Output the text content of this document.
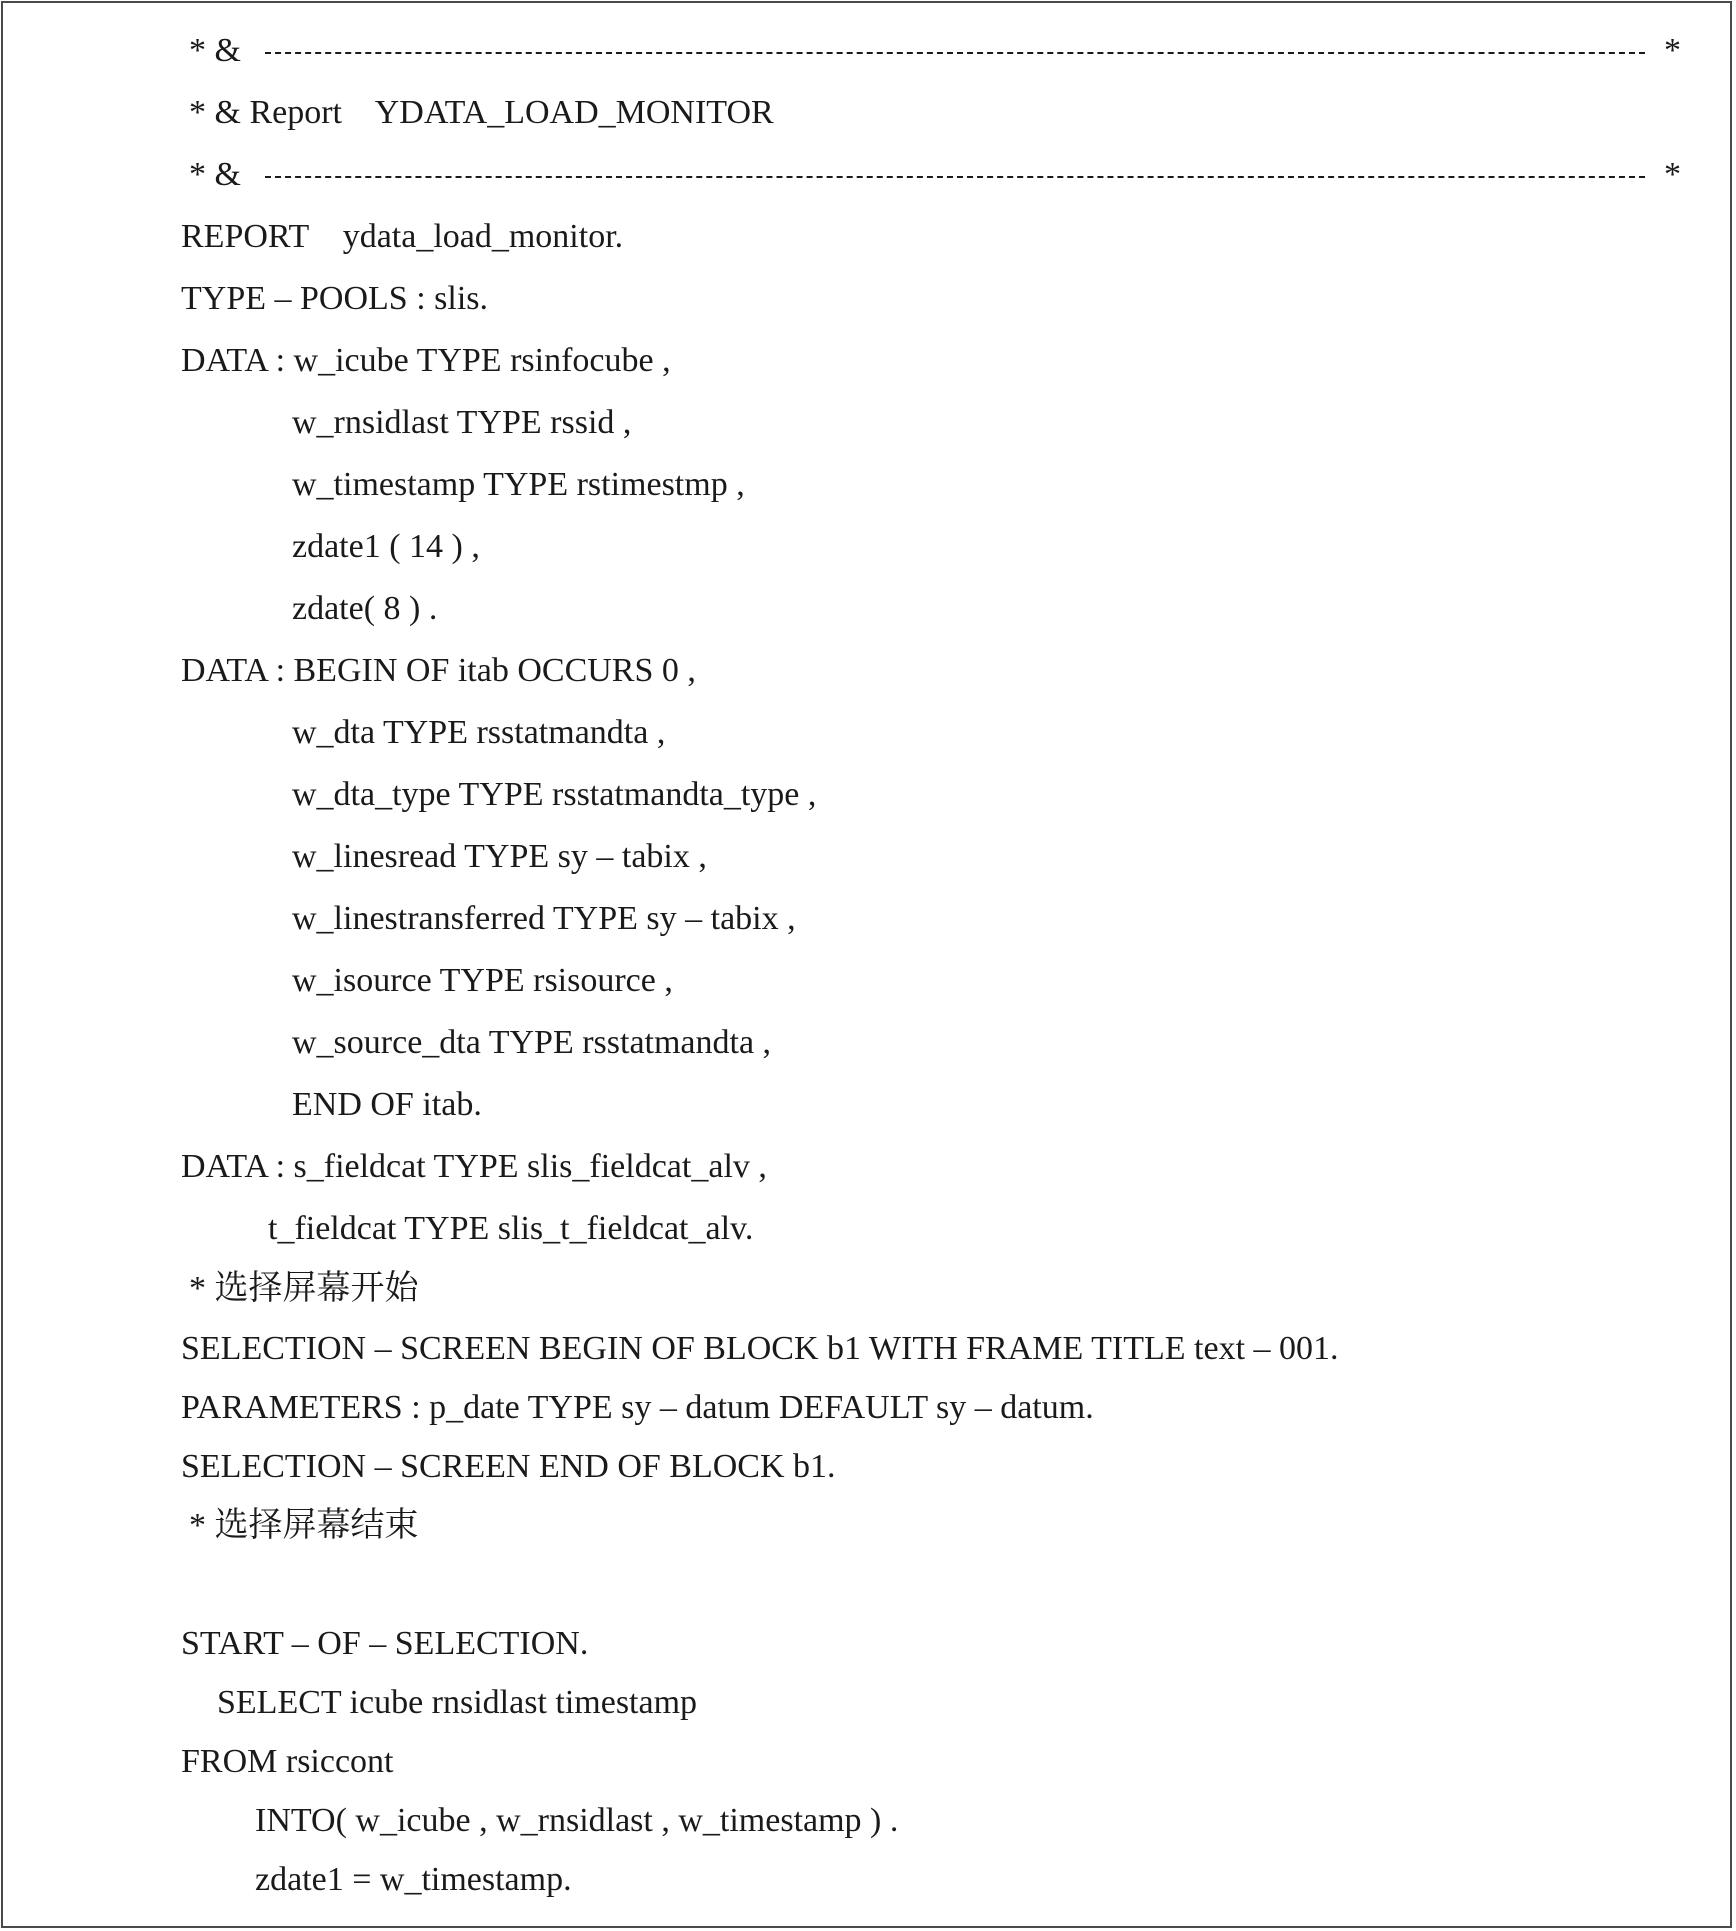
* &	*
* & Report    YDATA_LOAD_MONITOR
* &	*
REPORT    ydata_load_monitor.
TYPE – POOLS : slis.
DATA : w_icube TYPE rsinfocube ,
w_rnsidlast TYPE rssid ,
w_timestamp TYPE rstimestmp ,
zdate1 ( 14 ) ,
zdate( 8 ) .
DATA : BEGIN OF itab OCCURS 0 ,
w_dta TYPE rsstatmandta ,
w_dta_type TYPE rsstatmandta_type ,
w_linesread TYPE sy – tabix ,
w_linestransferred TYPE sy – tabix ,
w_isource TYPE rsisource ,
w_source_dta TYPE rsstatmandta ,
END OF itab.
DATA : s_fieldcat TYPE slis_fieldcat_alv ,
t_fieldcat TYPE slis_t_fieldcat_alv.
* 选择屏幕开始
SELECTION – SCREEN BEGIN OF BLOCK b1 WITH FRAME TITLE text – 001.
PARAMETERS : p_date TYPE sy – datum DEFAULT sy – datum.
SELECTION – SCREEN END OF BLOCK b1.
* 选择屏幕结束
START – OF – SELECTION.
SELECT icube rnsidlast timestamp
FROM rsiccont
INTO( w_icube , w_rnsidlast , w_timestamp ) .
zdate1 = w_timestamp.
